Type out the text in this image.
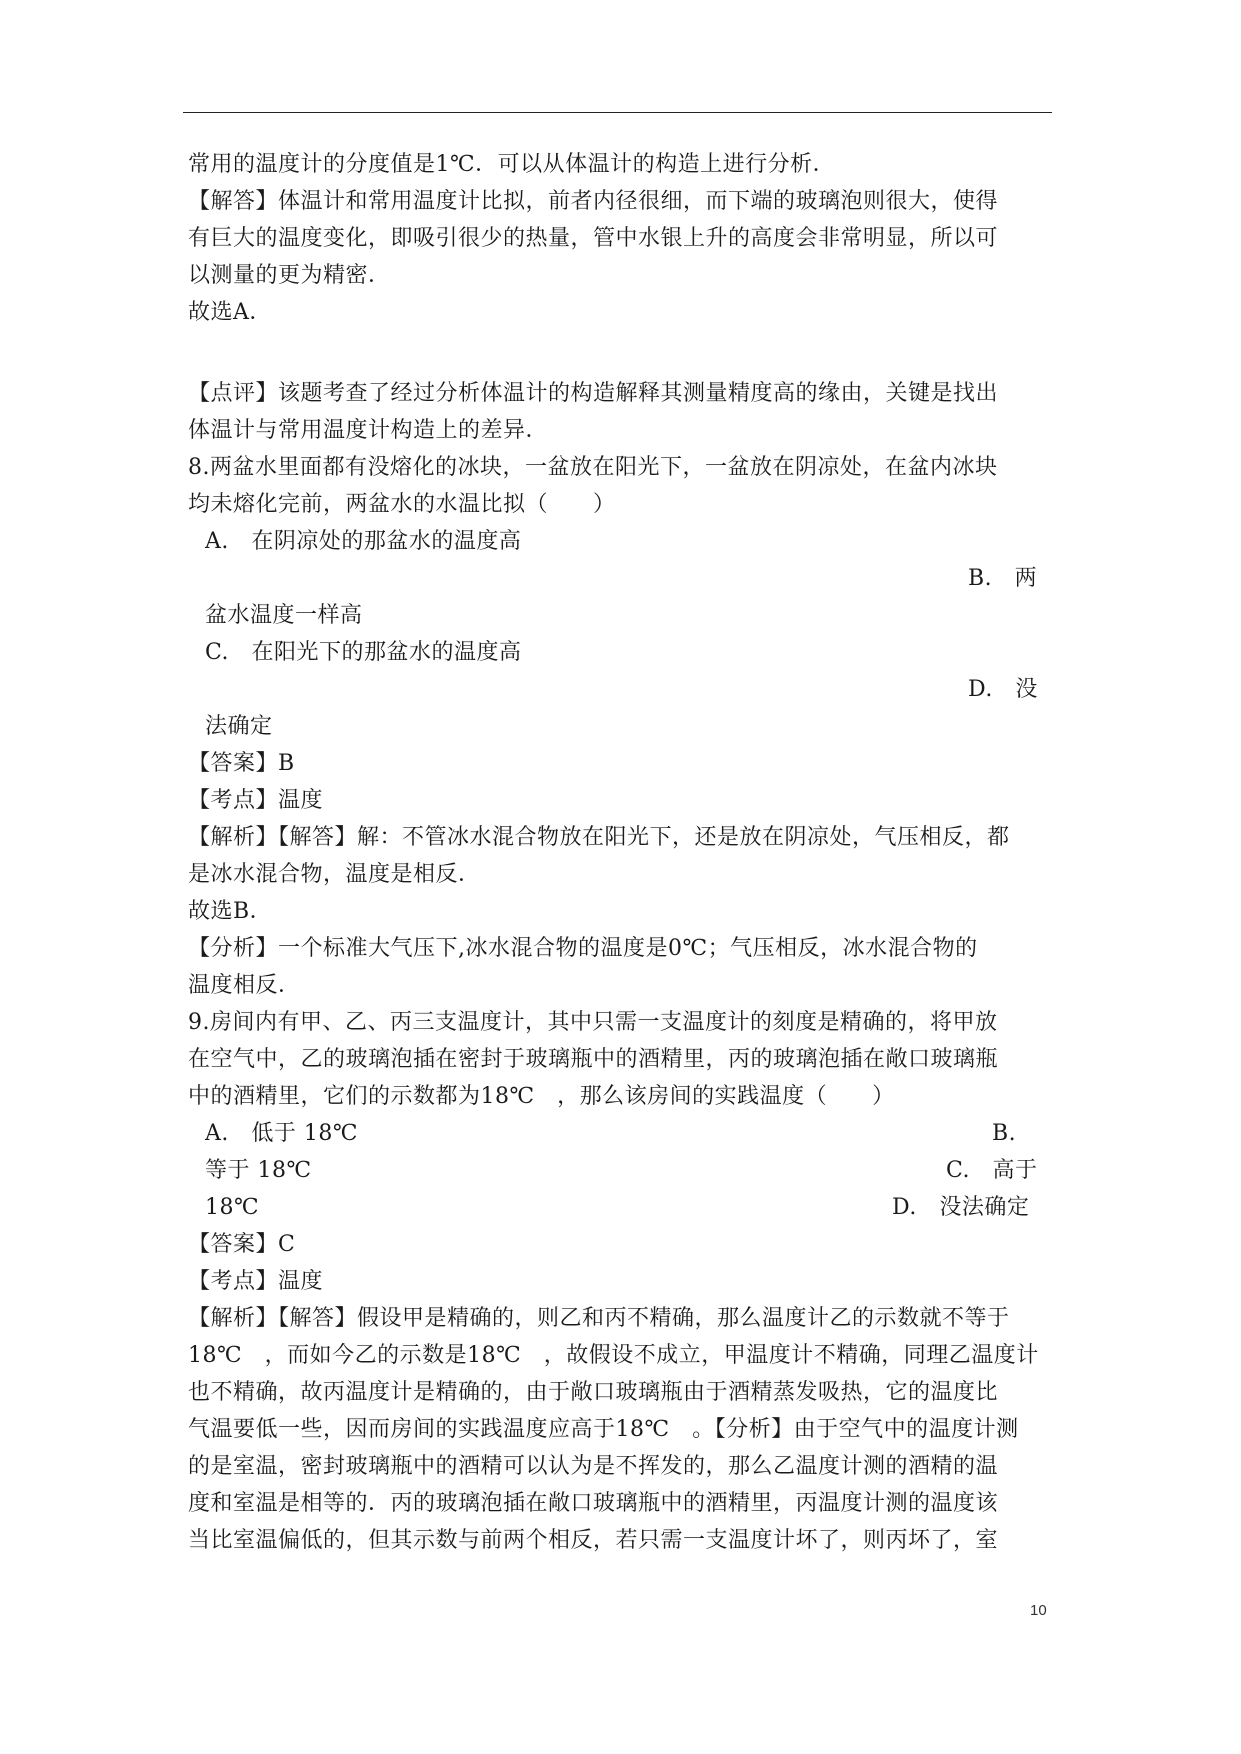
常用的温度计的分度值是1℃．可以从体温计的构造上进行分析．
【解答】体温计和常用温度计比拟，前者内径很细，而下端的玻璃泡则很大，使得
有巨大的温度变化，即吸引很少的热量，管中水银上升的高度会非常明显，所以可
以测量的更为精密．
故选A．
【点评】该题考查了经过分析体温计的构造解释其测量精度高的缘由，关键是找出
体温计与常用温度计构造上的差异．
8.两盆水里面都有没熔化的冰块，一盆放在阳光下，一盆放在阴凉处，在盆内冰块
均未熔化完前，两盆水的水温比拟（　　）
A.　在阴凉处的那盆水的温度高
B.　两
盆水温度一样高
C.　在阳光下的那盆水的温度高
D.　没
法确定
【答案】B
【考点】温度
【解析】【解答】解：不管冰水混合物放在阳光下，还是放在阴凉处，气压相反，都
是冰水混合物，温度是相反．
故选B．
【分析】一个标准大气压下,冰水混合物的温度是0℃；气压相反，冰水混合物的
温度相反．
9.房间内有甲、乙、丙三支温度计，其中只需一支温度计的刻度是精确的，将甲放
在空气中，乙的玻璃泡插在密封于玻璃瓶中的酒精里，丙的玻璃泡插在敞口玻璃瓶
中的酒精里，它们的示数都为18℃　，那么该房间的实践温度（　　）
A.　低于 18℃	B.
等于 18℃	C.　高于
18℃	D.　没法确定
【答案】C
【考点】温度
【解析】【解答】假设甲是精确的，则乙和丙不精确，那么温度计乙的示数就不等于
18℃　，而如今乙的示数是18℃　，故假设不成立，甲温度计不精确，同理乙温度计
也不精确，故丙温度计是精确的，由于敞口玻璃瓶由于酒精蒸发吸热，它的温度比
气温要低一些，因而房间的实践温度应高于18℃　。【分析】由于空气中的温度计测
的是室温，密封玻璃瓶中的酒精可以认为是不挥发的，那么乙温度计测的酒精的温
度和室温是相等的．丙的玻璃泡插在敞口玻璃瓶中的酒精里，丙温度计测的温度该
当比室温偏低的，但其示数与前两个相反，若只需一支温度计坏了，则丙坏了，室
10
